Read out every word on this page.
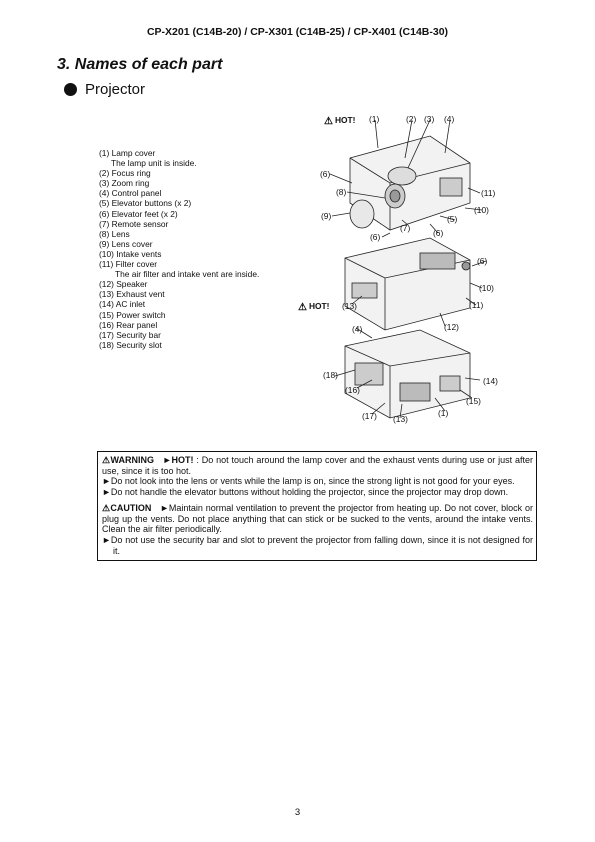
CP-X201 (C14B-20) / CP-X301 (C14B-25) / CP-X401 (C14B-30)
3. Names of each part
Projector
(1) Lamp cover
The lamp unit is inside.
(2) Focus ring
(3) Zoom ring
(4) Control panel
(5) Elevator buttons (x 2)
(6) Elevator feet (x 2)
(7) Remote sensor
(8) Lens
(9) Lens cover
(10) Intake vents
(11) Filter cover
The air filter and intake vent are inside.
(12) Speaker
(13) Exhaust vent
(14) AC inlet
(15) Power switch
(16) Rear panel
(17) Security bar
(18) Security slot
⚠ HOT!
⚠ HOT!
(1)	(2) (3) (4)
(6)
(8)	(11)
(10)
(9)	(5)
(7)	(6)
(6)
(6)
(10)
(13)	(11)
(4)	(12)
(18)
(16)
(14)
(15)
(1)
(17) (13)

⚠WARNING ►HOT! : Do not touch around the lamp cover and the exhaust vents during use or just after use, since it is too hot.

►Do not look into the lens or vents while the lamp is on, since the strong light is not good for your eyes.

►Do not handle the elevator buttons without holding the projector, since the projector may drop down.

⚠CAUTION ►Maintain normal ventilation to prevent the projector from heating up. Do not cover, block or plug up the vents. Do not place anything that can stick or be sucked to the vents, around the intake vents. Clean the air filter periodically.

►Do not use the security bar and slot to prevent the projector from falling down, since it is not designed for it.

3
